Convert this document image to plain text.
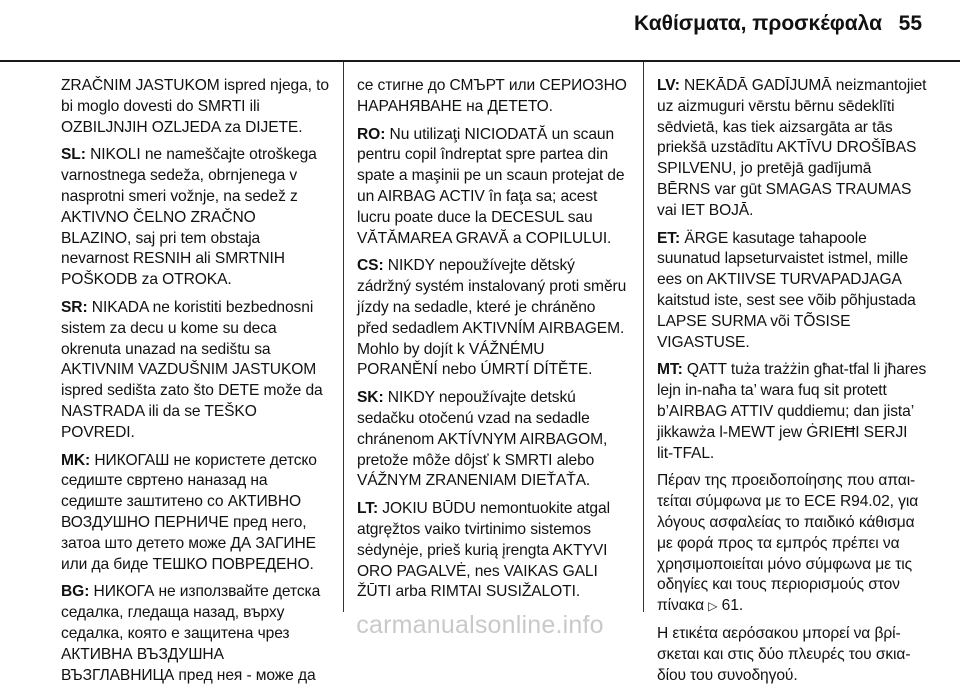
Καθίσματα, προσκέφαλα 55

ZRAČNIM JASTUKOM ispred njega, to bi moglo dovesti do SMRTI ili OZBILJNJIH OZLJEDA za DIJETE.

SL: NIKOLI ne nameščajte otroškega varnostnega sedeža, obrnjenega v nasprotni smeri vožnje, na sedež z AKTIVNO ČELNO ZRAČNO BLAZINO, saj pri tem obstaja nevarnost RESNIH ali SMRTNIH POŠKODB za OTROKA.

SR: NIKADA ne koristiti bezbednosni sistem za decu u kome su deca okrenuta unazad na sedištu sa AKTIVNIM VAZDUŠNIM JASTUKOM ispred sedišta zato što DETE može da NASTRADA ili da se TEŠKO POVREDI.

MK: НИКОГАШ не користете детско седиште свртено наназад на седиште заштитено со АКТИВНО ВОЗДУШНО ПЕРНИЧЕ пред него, затоа што детето може ДА ЗАГИНЕ или да биде ТЕШКО ПОВРЕДЕНО.

BG: НИКОГА не използвайте детска седалка, гледаща назад, върху седалка, която е защитена чрез АКТИВНА ВЪЗДУШНА ВЪЗГЛАВНИЦА пред нея - може да

се стигне до СМЪРТ или СЕРИОЗНО НАРАНЯВАНЕ на ДЕТЕТО.

RO: Nu utilizaţi NICIODATĂ un scaun pentru copil îndreptat spre partea din spate a maşinii pe un scaun protejat de un AIRBAG ACTIV în faţa sa; acest lucru poate duce la DECESUL sau VĂTĂMAREA GRAVĂ a COPILULUI.

CS: NIKDY nepoužívejte dětský zádržný systém instalovaný proti směru jízdy na sedadle, které je chráněno před sedadlem AKTIVNÍM AIRBAGEM. Mohlo by dojít k VÁŽNÉMU PORANĚNÍ nebo ÚMRTÍ DÍTĚTE.

SK: NIKDY nepoužívajte detskú sedačku otočenú vzad na sedadle chránenom AKTÍVNYM AIRBAGOM, pretože môže dôjsť k SMRTI alebo VÁŽNYM ZRANENIAM DIEŤAŤA.

LT: JOKIU BŪDU nemontuokite atgal atgręžtos vaiko tvirtinimo sistemos sėdynėje, prieš kurią įrengta AKTYVI ORO PAGALVĖ, nes VAIKAS GALI ŽŪTI arba RIMTAI SUSIŽALOTI.

LV: NEKĀDĀ GADĪJUMĀ neizmantojiet uz aizmuguri vērstu bērnu sēdeklīti sēdvietā, kas tiek aizsargāta ar tās priekšā uzstādītu AKTĪVU DROŠĪBAS SPILVENU, jo pretējā gadījumā BĒRNS var gūt SMAGAS TRAUMAS vai IET BOJĀ.

ET: ÄRGE kasutage tahapoole suunatud lapseturvaistet istmel, mille ees on AKTIIVSE TURVAPADJAGA kaitstud iste, sest see võib põhjustada LAPSE SURMA või TÕSISE VIGASTUSE.

MT: QATT tuża trażżin għat-tfal li jħares lejn in-naħa ta’ wara fuq sit protett b’AIRBAG ATTIV quddiemu; dan jista’ jikkawża l-MEWT jew ĠRIEĦI SERJI lit-TFAL.

Πέραν της προειδοποίησης που απαι- τείται σύμφωνα με το ECE R94.02, για λόγους ασφαλείας το παιδικό κάθισμα με φορά προς τα εμπρός πρέπει να χρησιμοποιείται μόνο σύμφωνα με τις οδηγίες και τους περιορισμούς στον πίνακα ▷ 61.

Η ετικέτα αερόσακου μπορεί να βρί- σκεται και στις δύο πλευρές του σκια- δίου του συνοδηγού.

carmanualsonline.info
